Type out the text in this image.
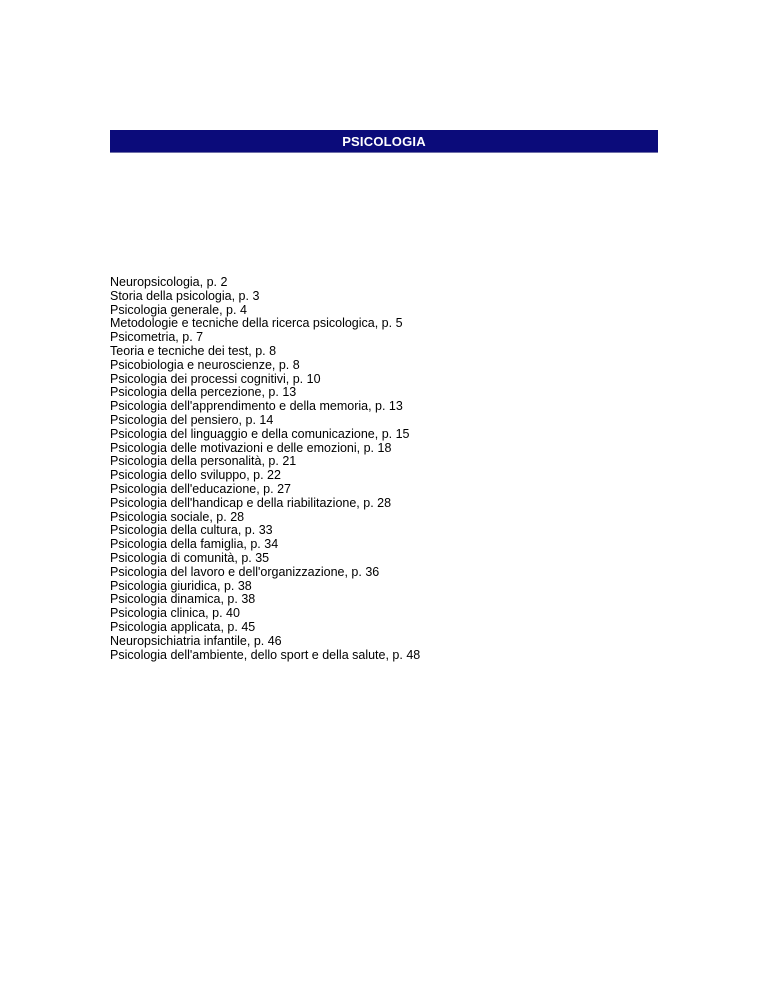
PSICOLOGIA
Neuropsicologia, p. 2
Storia della psicologia, p. 3
Psicologia generale, p. 4
Metodologie e tecniche della ricerca psicologica, p. 5
Psicometria, p. 7
Teoria e tecniche dei test, p. 8
Psicobiologia e neuroscienze, p. 8
Psicologia dei processi cognitivi, p. 10
Psicologia della percezione, p. 13
Psicologia dell'apprendimento e della memoria, p. 13
Psicologia del pensiero, p. 14
Psicologia del linguaggio e della comunicazione, p. 15
Psicologia delle motivazioni e delle emozioni, p. 18
Psicologia della personalità, p. 21
Psicologia dello sviluppo, p. 22
Psicologia dell'educazione, p. 27
Psicologia dell'handicap e della riabilitazione, p. 28
Psicologia sociale, p. 28
Psicologia della cultura, p. 33
Psicologia della famiglia, p. 34
Psicologia di comunità, p. 35
Psicologia del lavoro e dell'organizzazione, p. 36
Psicologia giuridica, p. 38
Psicologia dinamica, p. 38
Psicologia clinica, p. 40
Psicologia applicata, p. 45
Neuropsichiatria infantile, p. 46
Psicologia dell'ambiente, dello sport e della salute, p. 48
